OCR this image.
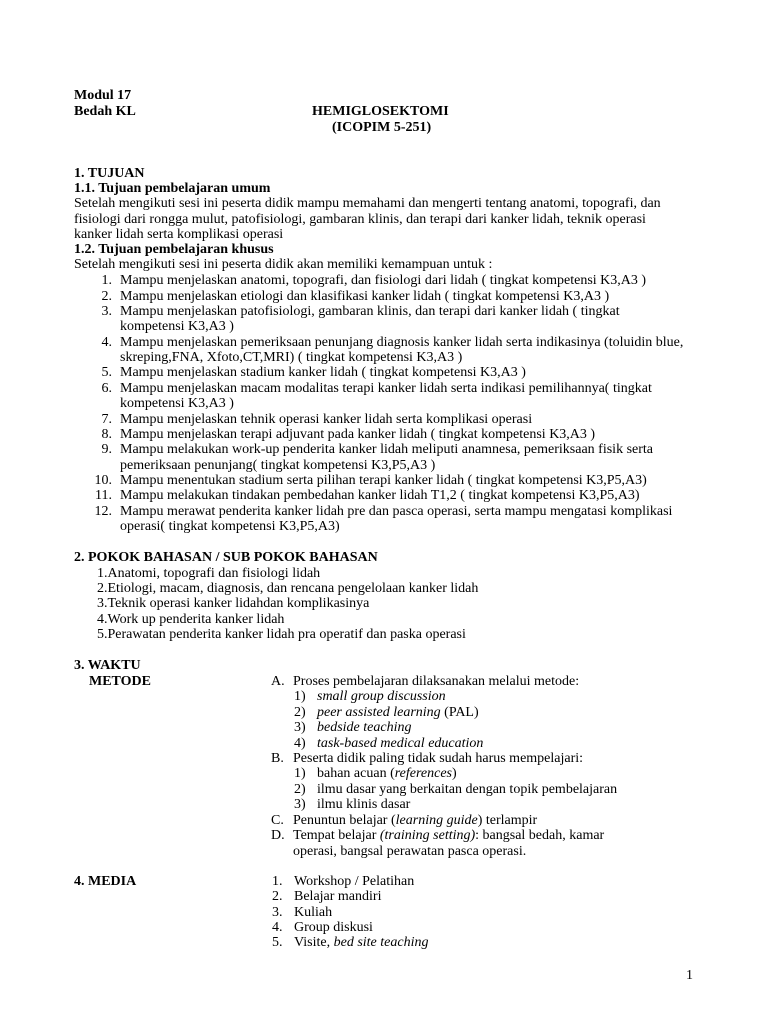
Modul 17
Bedah KL	HEMIGLOSEKTOMI
(ICOPIM 5-251)
1. TUJUAN
1.1. Tujuan pembelajaran umum
Setelah mengikuti sesi ini peserta didik mampu memahami dan mengerti tentang anatomi, topografi, dan
fisiologi dari rongga mulut, patofisiologi, gambaran klinis, dan terapi dari kanker lidah, teknik operasi
kanker lidah serta komplikasi operasi
1.2. Tujuan pembelajaran khusus
Setelah mengikuti sesi ini peserta didik akan memiliki kemampuan untuk :
1. Mampu menjelaskan anatomi, topografi, dan fisiologi dari lidah ( tingkat kompetensi K3,A3 )
2. Mampu menjelaskan etiologi dan klasifikasi kanker lidah ( tingkat kompetensi K3,A3 )
3. Mampu menjelaskan patofisiologi, gambaran klinis, dan terapi dari kanker lidah ( tingkat
kompetensi K3,A3 )
4. Mampu menjelaskan pemeriksaan penunjang diagnosis kanker lidah serta indikasinya (toluidin blue,
skreping,FNA, Xfoto,CT,MRI) ( tingkat kompetensi K3,A3 )
5. Mampu menjelaskan stadium kanker lidah ( tingkat kompetensi K3,A3 )
6. Mampu menjelaskan macam modalitas terapi kanker lidah serta indikasi pemilihannya( tingkat
kompetensi K3,A3 )
7. Mampu menjelaskan tehnik operasi kanker lidah serta komplikasi operasi
8. Mampu menjelaskan terapi adjuvant pada kanker lidah ( tingkat kompetensi K3,A3 )
9. Mampu melakukan work-up penderita kanker lidah meliputi anamnesa, pemeriksaan fisik serta
pemeriksaan penunjang( tingkat kompetensi K3,P5,A3 )
10. Mampu menentukan stadium serta pilihan terapi kanker lidah ( tingkat kompetensi K3,P5,A3)
11. Mampu melakukan tindakan pembedahan kanker lidah T1,2 ( tingkat kompetensi K3,P5,A3)
12. Mampu merawat penderita kanker lidah pre dan pasca operasi, serta mampu mengatasi komplikasi
operasi( tingkat kompetensi K3,P5,A3)
2. POKOK BAHASAN / SUB POKOK BAHASAN
1.Anatomi, topografi dan fisiologi lidah
2.Etiologi, macam, diagnosis, dan rencana pengelolaan kanker lidah
3.Teknik operasi kanker lidahdan komplikasinya
4.Work up penderita kanker lidah
5.Perawatan penderita kanker lidah pra operatif dan paska operasi
3. WAKTU
METODE	A. Proses pembelajaran dilaksanakan melalui metode:
1) small group discussion
2) peer assisted learning (PAL)
3) bedside teaching
4) task-based medical education
B. Peserta didik paling tidak sudah harus mempelajari:
1) bahan acuan (references)
2) ilmu dasar yang berkaitan dengan topik pembelajaran
3) ilmu klinis dasar
C. Penuntun belajar (learning guide) terlampir
D. Tempat belajar (training setting): bangsal bedah, kamar
operasi, bangsal perawatan pasca operasi.
4. MEDIA	1. Workshop / Pelatihan
2. Belajar mandiri
3. Kuliah
4. Group diskusi
5. Visite, bed site teaching
1
